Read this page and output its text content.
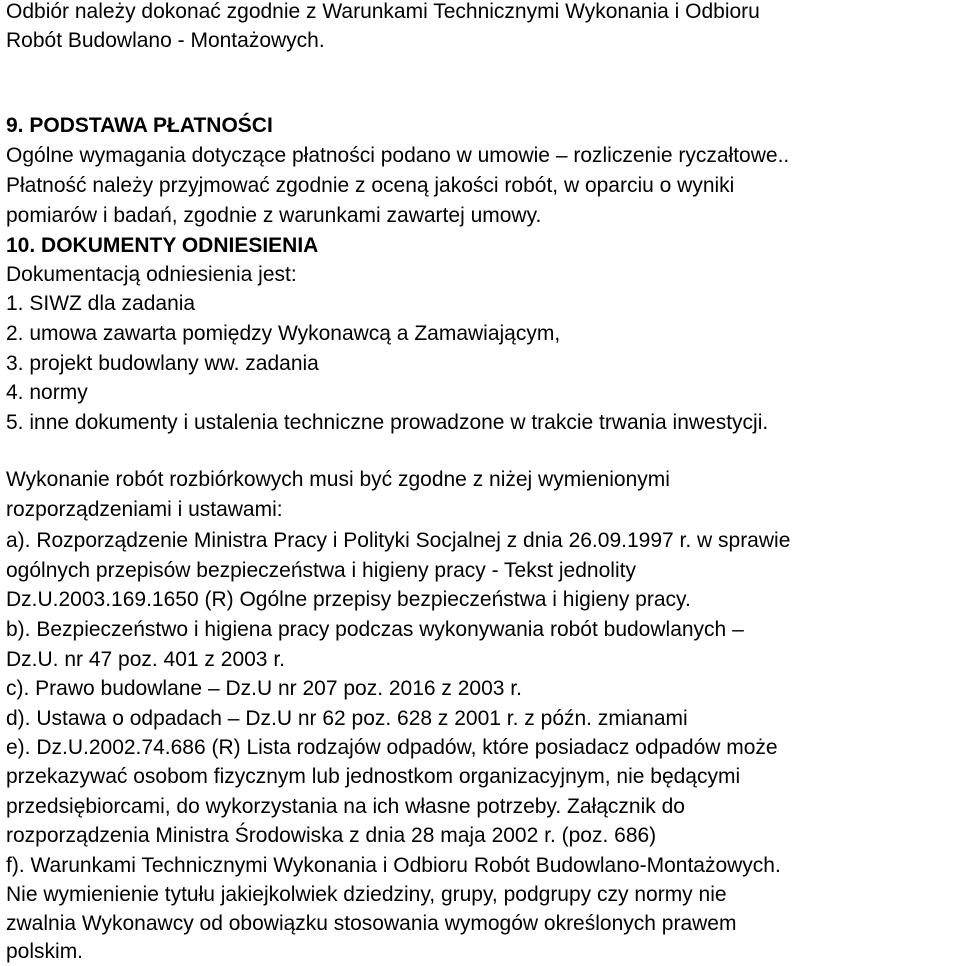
Odbiór należy dokonać zgodnie z Warunkami Technicznymi Wykonania i Odbioru
Robót Budowlano - Montażowych.
9. PODSTAWA PŁATNOŚCI
Ogólne wymagania dotyczące płatności podano w umowie – rozliczenie ryczałtowe..
Płatność należy przyjmować zgodnie z oceną jakości robót, w oparciu o wyniki
pomiarów i badań, zgodnie z warunkami zawartej umowy.
10. DOKUMENTY ODNIESIENIA
Dokumentacją odniesienia jest:
1. SIWZ dla zadania
2. umowa zawarta pomiędzy Wykonawcą a Zamawiającym,
3. projekt budowlany ww. zadania
4. normy
5. inne dokumenty i ustalenia techniczne prowadzone w trakcie trwania inwestycji.
Wykonanie robót rozbiórkowych musi być zgodne z niżej wymienionymi
rozporządzeniami i ustawami:
a). Rozporządzenie Ministra Pracy i Polityki Socjalnej z dnia 26.09.1997 r. w sprawie
ogólnych przepisów bezpieczeństwa i higieny pracy - Tekst jednolity
Dz.U.2003.169.1650 (R) Ogólne przepisy bezpieczeństwa i higieny pracy.
b). Bezpieczeństwo i higiena pracy podczas wykonywania robót budowlanych –
Dz.U. nr 47 poz. 401 z 2003 r.
c). Prawo budowlane – Dz.U nr 207 poz. 2016 z 2003 r.
d). Ustawa o odpadach – Dz.U nr 62 poz. 628 z 2001 r. z późn. zmianami
e). Dz.U.2002.74.686 (R) Lista rodzajów odpadów, które posiadacz odpadów może
przekazywać osobom fizycznym lub jednostkom organizacyjnym, nie będącymi
przedsiębiorcami, do wykorzystania na ich własne potrzeby. Załącznik do
rozporządzenia Ministra Środowiska z dnia 28 maja 2002 r. (poz. 686)
f). Warunkami Technicznymi Wykonania i Odbioru Robót Budowlano-Montażowych.
Nie wymienienie tytułu jakiejkolwiek dziedziny, grupy, podgrupy czy normy nie
zwalnia Wykonawcy od obowiązku stosowania wymogów określonych prawem
polskim.
